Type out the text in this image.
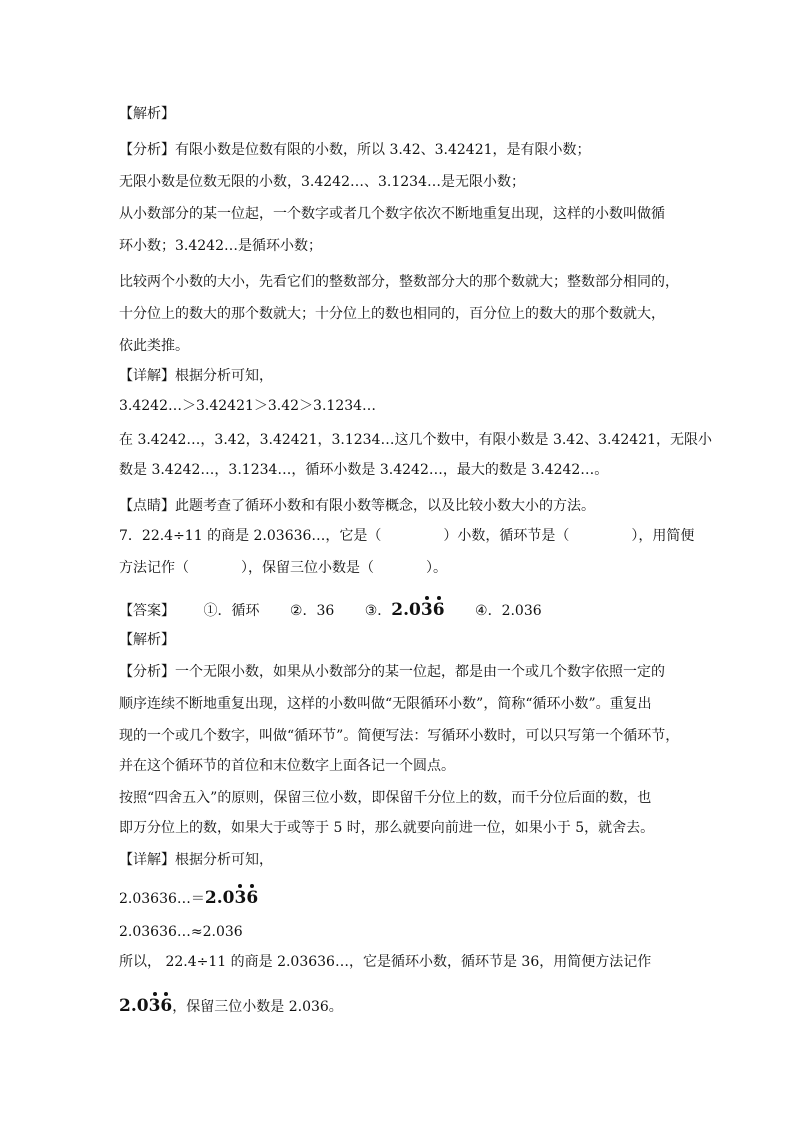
【解析】
【分析】有限小数是位数有限的小数，所以 3.42、3.42421，是有限小数；
无限小数是位数无限的小数，3.4242…、3.1234…是无限小数；
从小数部分的某一位起，一个数字或者几个数字依次不断地重复出现，这样的小数叫做循
环小数；3.4242…是循环小数；
比较两个小数的大小，先看它们的整数部分，整数部分大的那个数就大；整数部分相同的，
十分位上的数大的那个数就大；十分位上的数也相同的，百分位上的数大的那个数就大，
依此类推。
【详解】根据分析可知，
3.4242…＞3.42421＞3.42＞3.1234…
在 3.4242…，3.42，3.42421，3.1234…这几个数中，有限小数是 3.42、3.42421，无限小
数是 3.4242…，3.1234…，循环小数是 3.4242…，最大的数是 3.4242…。
【点睛】此题考查了循环小数和有限小数等概念，以及比较小数大小的方法。
7．22.4÷11 的商是 2.03636…，它是（	）小数，循环节是（	），用简便
方法记作（	），保留三位小数是（	）。
【答案】 ①．循环 ②．36 ③．2.036 ④．2.036
【解析】
【分析】一个无限小数，如果从小数部分的某一位起，都是由一个或几个数字依照一定的
顺序连续不断地重复出现，这样的小数叫做“无限循环小数”，简称“循环小数”。重复出
现的一个或几个数字，叫做“循环节”。简便写法：写循环小数时，可以只写第一个循环节，
并在这个循环节的首位和末位数字上面各记一个圆点。
按照“四舍五入”的原则，保留三位小数，即保留千分位上的数，而千分位后面的数，也
即万分位上的数，如果大于或等于 5 时，那么就要向前进一位，如果小于 5，就舍去。
【详解】根据分析可知，
2.03636…＝2.036
2.03636…≈2.036
所以， 22.4÷11 的商是 2.03636…，它是循环小数，循环节是 36，用简便方法记作
2.036，保留三位小数是 2.036。
